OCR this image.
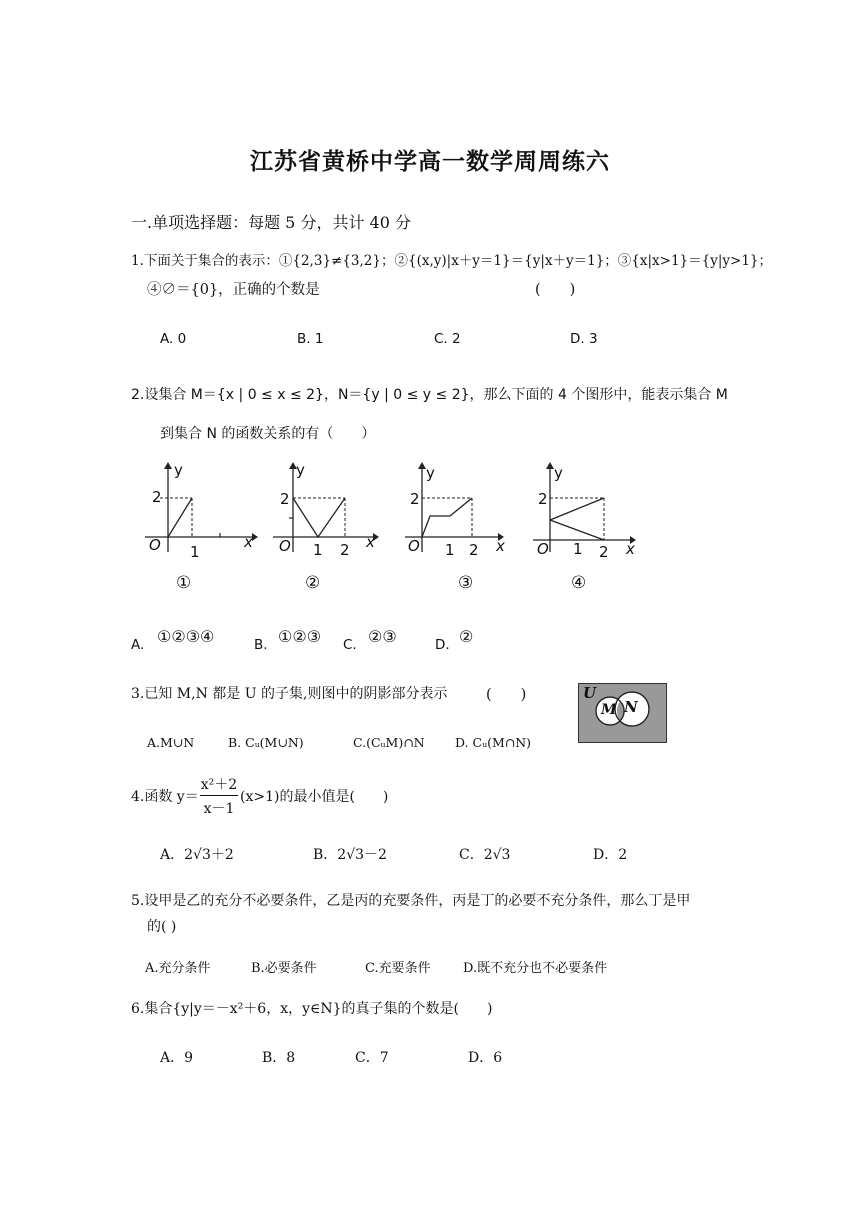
江苏省黄桥中学高一数学周周练六
一.单项选择题：每题 5 分，共计 40 分
1.下面关于集合的表示：①{2,3}≠{3,2}；②{(x,y)|x＋y＝1}＝{y|x＋y＝1}；③{x|x>1}＝{y|y>1}；
④∅＝{0}，正确的个数是	(　　)
A. 0	B. 1	C. 2	D. 3
2.设集合 M＝{x | 0 ≤ x ≤ 2}，N＝{y | 0 ≤ y ≤ 2}，那么下面的 4 个图形中，能表示集合 M
到集合 N 的函数关系的有（　　）
y
2
O 1
x
①
y
2
O 1 2 x
②
y
2
O 1 2 x
③
y
2
O 1 2 x
④
A. ①②③④	B. ①②③ C. ②③	D. ②
3.已知 M,N 都是 U 的子集,则图中的阴影部分表示	(　　)
A.M∪N	B. Cᵤ(M∪N)	C.(CᵤM)∩N D. Cᵤ(M∩N)
U
M N
4.函数 $y= \frac{\text{x²＋2}}{x-1} (x>1)$的最小值是(　　)
A．2√3＋2	B．2√3－2	C．2√3	D．2
5.设甲是乙的充分不必要条件，乙是丙的充要条件，丙是丁的必要不充分条件，那么丁是甲
的( )
A.充分条件	B.必要条件	C.充要条件 D.既不充分也不必要条件
6.集合{y|y＝－x²＋6，x，y∈N}的真子集的个数是(　　)
A．9	B．8	C．7	D．6
